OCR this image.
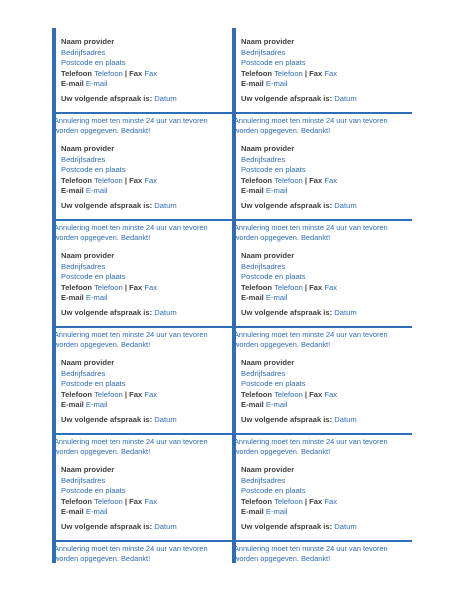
Naam provider
Bedrijfsadres
Postcode en plaats
Telefoon Telefoon | Fax Fax
E-mail E-mail
Uw volgende afspraak is: Datum
Annulering moet ten minste 24 uur van tevoren
worden opgegeven. Bedankt!
Naam provider
Bedrijfsadres
Postcode en plaats
Telefoon Telefoon | Fax Fax
E-mail E-mail
Uw volgende afspraak is: Datum
Annulering moet ten minste 24 uur van tevoren
worden opgegeven. Bedankt!
Naam provider
Bedrijfsadres
Postcode en plaats
Telefoon Telefoon | Fax Fax
E-mail E-mail
Uw volgende afspraak is: Datum
Annulering moet ten minste 24 uur van tevoren
worden opgegeven. Bedankt!
Naam provider
Bedrijfsadres
Postcode en plaats
Telefoon Telefoon | Fax Fax
E-mail E-mail
Uw volgende afspraak is: Datum
Annulering moet ten minste 24 uur van tevoren
worden opgegeven. Bedankt!
Naam provider
Bedrijfsadres
Postcode en plaats
Telefoon Telefoon | Fax Fax
E-mail E-mail
Uw volgende afspraak is: Datum
Annulering moet ten minste 24 uur van tevoren
worden opgegeven. Bedankt!
Naam provider
Bedrijfsadres
Postcode en plaats
Telefoon Telefoon | Fax Fax
E-mail E-mail
Uw volgende afspraak is: Datum
Annulering moet ten minste 24 uur van tevoren
worden opgegeven. Bedankt!
Naam provider
Bedrijfsadres
Postcode en plaats
Telefoon Telefoon | Fax Fax
E-mail E-mail
Uw volgende afspraak is: Datum
Annulering moet ten minste 24 uur van tevoren
worden opgegeven. Bedankt!
Naam provider
Bedrijfsadres
Postcode en plaats
Telefoon Telefoon | Fax Fax
E-mail E-mail
Uw volgende afspraak is: Datum
Annulering moet ten minste 24 uur van tevoren
worden opgegeven. Bedankt!
Naam provider
Bedrijfsadres
Postcode en plaats
Telefoon Telefoon | Fax Fax
E-mail E-mail
Uw volgende afspraak is: Datum
Annulering moet ten minste 24 uur van tevoren
worden opgegeven. Bedankt!
Naam provider
Bedrijfsadres
Postcode en plaats
Telefoon Telefoon | Fax Fax
E-mail E-mail
Uw volgende afspraak is: Datum
Annulering moet ten minste 24 uur van tevoren
worden opgegeven. Bedankt!
